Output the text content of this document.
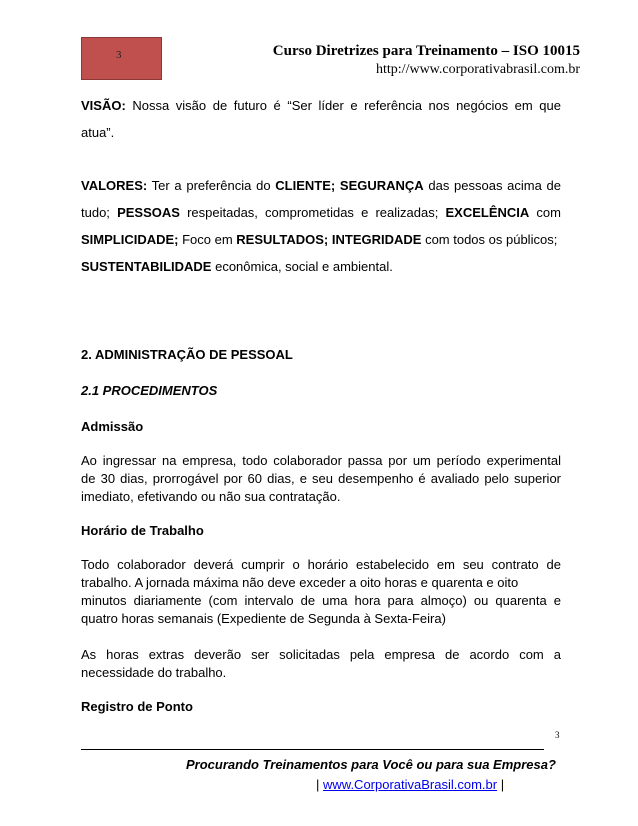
3	Curso Diretrizes para Treinamento – ISO 10015
http://www.corporativabrasil.com.br
VISÃO: Nossa visão de futuro é “Ser líder e referência nos negócios em que
atua”.
VALORES: Ter a preferência do CLIENTE; SEGURANÇA das pessoas acima de
tudo; PESSOAS respeitadas, comprometidas e realizadas; EXCELÊNCIA com
SIMPLICIDADE; Foco em RESULTADOS; INTEGRIDADE com todos os públicos;
SUSTENTABILIDADE econômica, social e ambiental.
2. ADMINISTRAÇÃO DE PESSOAL
2.1 PROCEDIMENTOS
Admissão
Ao ingressar na empresa, todo colaborador passa por um período experimental
de 30 dias, prorrogável por 60 dias, e seu desempenho é avaliado pelo superior
imediato, efetivando ou não sua contratação.
Horário de Trabalho
Todo colaborador deverá cumprir o horário estabelecido em seu contrato de
trabalho. A jornada máxima não deve exceder a oito horas e quarenta e oito
minutos diariamente (com intervalo de uma hora para almoço) ou quarenta e
quatro horas semanais (Expediente de Segunda à Sexta-Feira)
As horas extras deverão ser solicitadas pela empresa de acordo com a
necessidade do trabalho.
Registro de Ponto
3
Procurando Treinamentos para Você ou para sua Empresa?
| www.CorporativaBrasil.com.br |
